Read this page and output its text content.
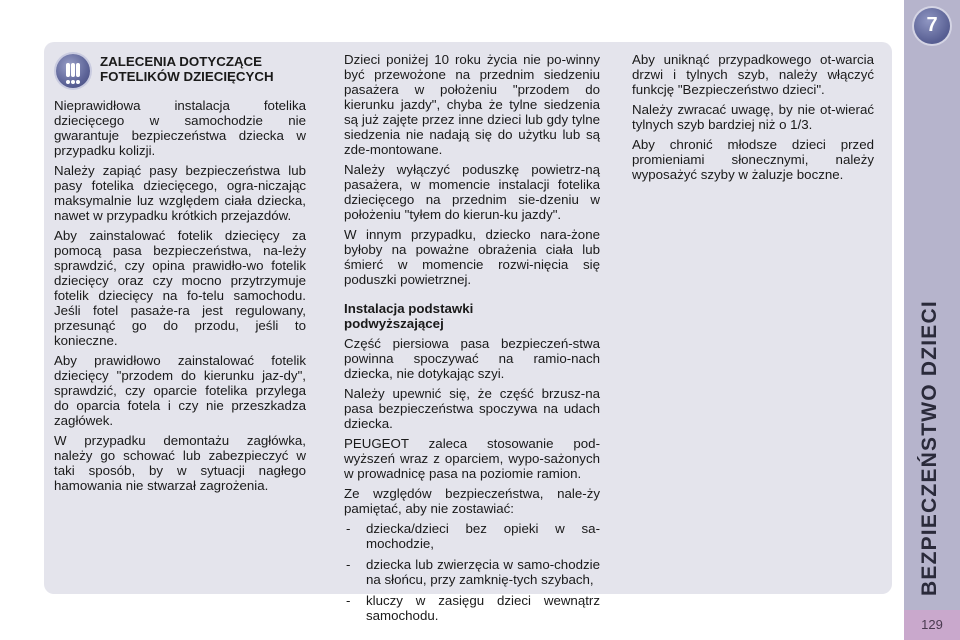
ZALECENIA DOTYCZĄCE
FOTELIKÓW DZIECIĘCYCH

Nieprawidłowa instalacja fotelika dziecięcego w samochodzie nie gwarantuje bezpieczeństwa dziecka w przypadku kolizji.

Należy zapiąć pasy bezpieczeństwa lub pasy fotelika dziecięcego, ogra-niczając maksymalnie luz względem ciała dziecka, nawet w przypadku krótkich przejazdów.

Aby zainstalować fotelik dziecięcy za pomocą pasa bezpieczeństwa, na-leży sprawdzić, czy opina prawidło-wo fotelik dziecięcy oraz czy mocno przytrzymuje fotelik dziecięcy na fo-telu samochodu. Jeśli fotel pasaże-ra jest regulowany, przesunąć go do przodu, jeśli to konieczne.

Aby prawidłowo zainstalować fotelik dziecięcy "przodem do kierunku jaz-dy", sprawdzić, czy oparcie fotelika przylega do oparcia fotela i czy nie przeszkadza zagłówek.

W przypadku demontażu zagłówka, należy go schować lub zabezpieczyć w taki sposób, by w sytuacji nagłego hamowania nie stwarzał zagrożenia.

Dzieci poniżej 10 roku życia nie po-winny być przewożone na przednim siedzeniu pasażera w położeniu "przodem do kierunku jazdy", chyba że tylne siedzenia są już zajęte przez inne dzieci lub gdy tylne siedzenia nie nadają się do użytku lub są zde-montowane.

Należy wyłączyć poduszkę powietrz-ną pasażera, w momencie instalacji fotelika dziecięcego na przednim sie-dzeniu w położeniu "tyłem do kierun-ku jazdy".

W innym przypadku, dziecko nara-żone byłoby na poważne obrażenia ciała lub śmierć w momencie rozwi-nięcia się poduszki powietrznej.

Instalacja podstawki
podwyższającej

Część piersiowa pasa bezpieczeń-stwa powinna spoczywać na ramio-nach dziecka, nie dotykając szyi.

Należy upewnić się, że część brzusz-na pasa bezpieczeństwa spoczywa na udach dziecka.

PEUGEOT zaleca stosowanie pod-wyższeń wraz z oparciem, wypo-sażonych w prowadnicę pasa na poziomie ramion.

Ze względów bezpieczeństwa, nale-ży pamiętać, aby nie zostawiać:

- dziecka/dzieci bez opieki w sa-mochodzie,
- dziecka lub zwierzęcia w samo-chodzie na słońcu, przy zamknię-tych szybach,
- kluczy w zasięgu dzieci wewnątrz samochodu.

Aby uniknąć przypadkowego ot-warcia drzwi i tylnych szyb, należy włączyć funkcję "Bezpieczeństwo dzieci".

Należy zwracać uwagę, by nie ot-wierać tylnych szyb bardziej niż o 1/3.

Aby chronić młodsze dzieci przed promieniami słonecznymi, należy wyposażyć szyby w żaluzje boczne.

7
BEZPIECZEŃSTWO DZIECI
129
